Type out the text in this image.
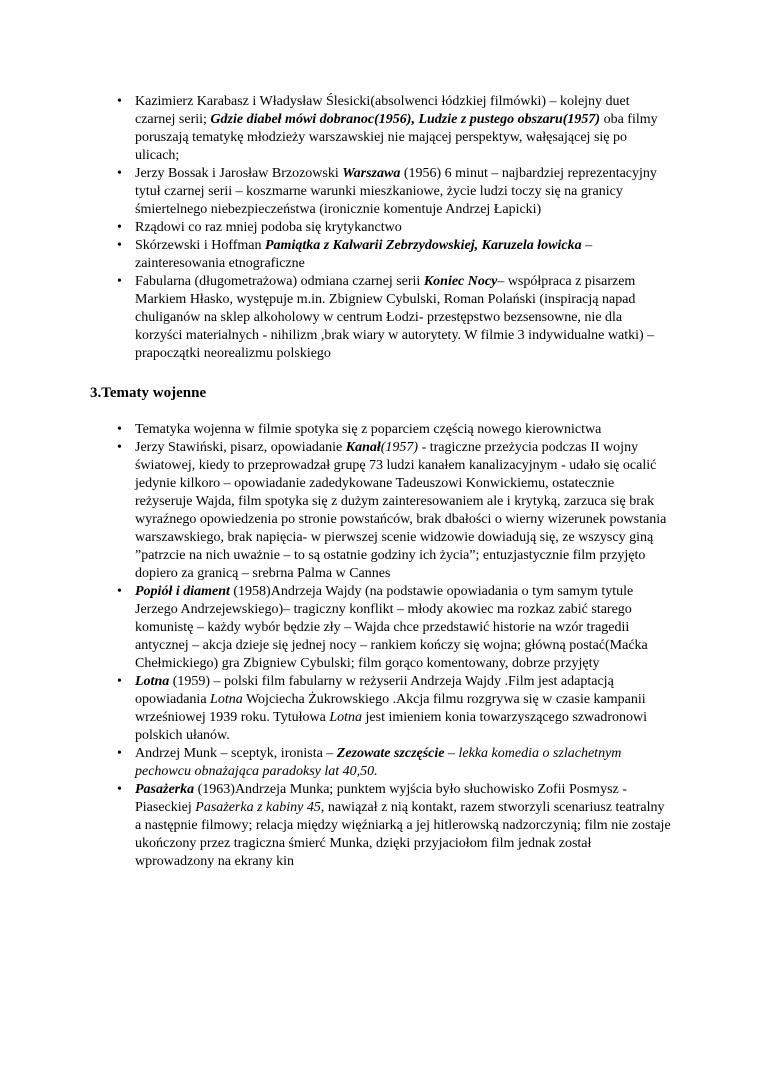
• Kazimierz Karabasz i Władysław Ślesicki(absolwenci łódzkiej filmówki) – kolejny duet czarnej serii; Gdzie diabeł mówi dobranoc(1956), Ludzie z pustego obszaru(1957) oba filmy poruszają tematykę młodzieży warszawskiej nie mającej perspektyw, wałęsającej się po ulicach;
• Jerzy Bossak i Jarosław Brzozowski Warszawa (1956) 6 minut – najbardziej reprezentacyjny tytuł czarnej serii – koszmarne warunki mieszkaniowe, życie ludzi toczy się na granicy śmiertelnego niebezpieczeństwa (ironicznie komentuje Andrzej Łapicki)
• Rządowi co raz mniej podoba się krytykanctwo
• Skórzewski i Hoffman Pamiątka z Kalwarii Zebrzydowskiej, Karuzela łowicka – zainteresowania etnograficzne
• Fabularna (długometrażowa) odmiana czarnej serii Koniec Nocy– współpraca z pisarzem Markiem Hłasko, występuje m.in. Zbigniew Cybulski, Roman Polański (inspiracją napad chuliganów na sklep alkoholowy w centrum Łodzi- przestępstwo bezsensowne, nie dla korzyści materialnych - nihilizm ,brak wiary w autorytety. W filmie 3 indywidualne watki) – prapoczątki neorealizmu polskiego
3.Tematy wojenne
• Tematyka wojenna w filmie spotyka się z poparciem częścią nowego kierownictwa
• Jerzy Stawiński, pisarz, opowiadanie Kanał(1957) - tragiczne przeżycia podczas II wojny światowej, kiedy to przeprowadzał grupę 73 ludzi kanałem kanalizacyjnym - udało się ocalić jedynie kilkoro – opowiadanie zadedykowane Tadeuszowi Konwickiemu, ostatecznie reżyseruje Wajda, film spotyka się z dużym zainteresowaniem ale i krytyką, zarzuca się brak wyraźnego opowiedzenia po stronie powstańców, brak dbałości o wierny wizerunek powstania warszawskiego, brak napięcia- w pierwszej scenie widzowie dowiadują się, ze wszyscy giną ”patrzcie na nich uważnie – to są ostatnie godziny ich życia”; entuzjastycznie film przyjęto dopiero za granicą – srebrna Palma w Cannes
• Popiół i diament (1958)Andrzeja Wajdy (na podstawie opowiadania o tym samym tytule Jerzego Andrzejewskiego)– tragiczny konflikt – młody akowiec ma rozkaz zabić starego komunistę – każdy wybór będzie zły – Wajda chce przedstawić historie na wzór tragedii antycznej – akcja dzieje się jednej nocy – rankiem kończy się wojna; główną postać(Maćka Chełmickiego) gra Zbigniew Cybulski; film gorąco komentowany, dobrze przyjęty
• Lotna (1959) – polski film fabularny w reżyserii Andrzeja Wajdy .Film jest adaptacją opowiadania Lotna Wojciecha Żukrowskiego .Akcja filmu rozgrywa się w czasie kampanii wrześniowej 1939 roku. Tytułowa Lotna jest imieniem konia towarzyszącego szwadronowi polskich ułanów.
• Andrzej Munk – sceptyk, ironista – Zezowate szczęście – lekka komedia o szlachetnym pechowcu obnażająca paradoksy lat 40,50.
• Pasażerka (1963)Andrzeja Munka; punktem wyjścia było słuchowisko Zofii Posmysz - Piaseckiej Pasażerka z kabiny 45, nawiązał z nią kontakt, razem stworzyli scenariusz teatralny a następnie filmowy; relacja między więźniarką a jej hitlerowską nadzorczynią; film nie zostaje ukończony przez tragiczna śmierć Munka, dzięki przyjaciołom film jednak został wprowadzony na ekrany kin
